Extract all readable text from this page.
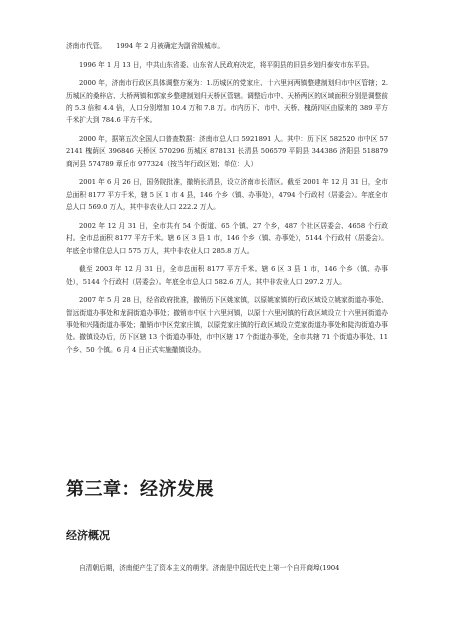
济南市代管。　　1994 年 2 月被确定为副省级城市。

1996 年 1 月 13 日，中共山东省委、山东省人民政府决定，将平阴县的旧县乡划归泰安市东平县。

2000 年，济南市行政区具体调整方案为：1.历城区的党家庄、十六里河两镇整建制划归市中区管辖；2.历城区的桑梓店、大桥两镇和郭家乡整建制划归天桥区管辖。调整后市中、天桥两区的区域面积分别是调整前的 5.3 倍和 4.4 倍，人口分别增加 10.4 万和 7.8 万。市内历下、市中、天桥、槐荫四区由原来的 389 平方千米扩大到 784.6 平方千米。

2000 年，据第五次全国人口普查数据：济南市总人口 5921891 人。其中：历下区 582520 市中区 572141 槐荫区 396846 天桥区 570296 历城区 878131 长清县 506579 平阴县 344386 济阳县 518879 商河县 574789 章丘市 977324（按当年行政区划；单位：人）

2001 年 6 月 26 日，国务院批准，撤销长清县，设立济南市长清区。截至 2001 年 12 月 31 日，全市总面积 8177 平方千米，辖 5 区 1 市 4 县，146 个乡（镇、办事处），4794 个行政村（居委会）。年底全市总人口 569.0 万人，其中非农业人口 222.2 万人。

2002 年 12 月 31 日，全市共有 54 个街道、65 个镇、27 个乡，487 个社区居委会、4658 个行政村。全市总面积 8177 平方千米。辖 6 区 3 县 1 市，146 个乡（镇、办事处），5144 个行政村（居委会）。年底全市常住总人口 575 万人，其中非农业人口 285.8 万人。

截至 2003 年 12 月 31 日，全市总面积 8177 平方千米。辖 6 区 3 县 1 市，146 个乡（镇、办事处），5144 个行政村（居委会）。年底全市总人口 582.6 万人，其中非农业人口 297.2 万人。

2007 年 5 月 28 日，经省政府批准，撤销历下区姚家镇，以原姚家镇的行政区域设立姚家街道办事处、智远街道办事处和龙洞街道办事处；撤销市中区十六里河镇，以原十六里河镇的行政区域设立十六里河街道办事处和兴隆街道办事处；撤销市中区党家庄镇，以原党家庄镇的行政区域设立党家街道办事处和陡沟街道办事处。撤镇设办后，历下区辖 13 个街道办事处，市中区辖 17 个街道办事处，全市共辖 71 个街道办事处、11 个乡、50 个镇。6 月 4 日正式实施撤镇设办。

第三章：经济发展
经济概况

自清朝后期，济南便产生了资本主义的萌芽。济南是中国近代史上第一个自开商埠(1904
